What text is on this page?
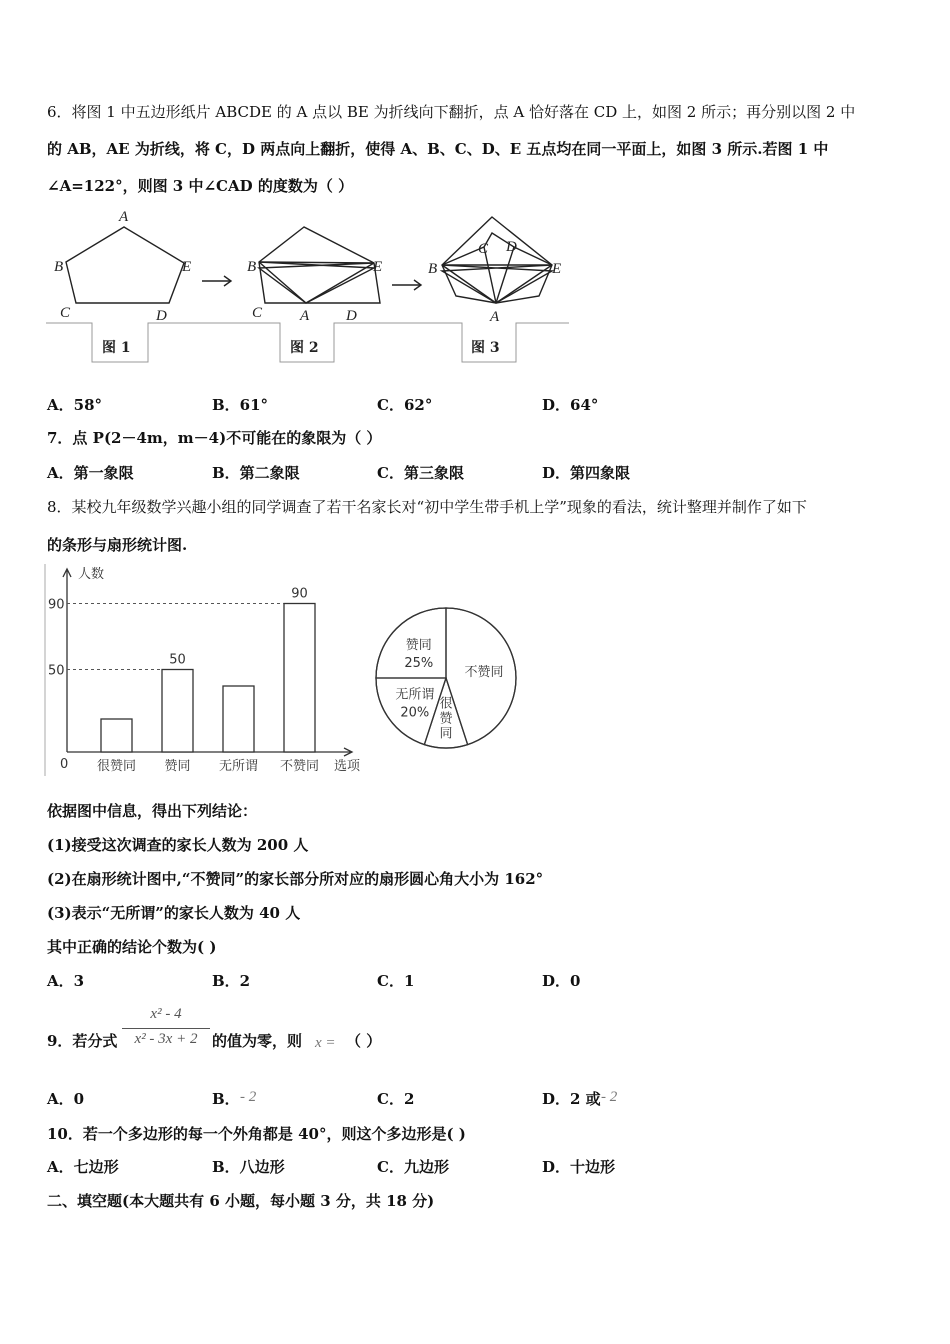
6．将图 1 中五边形纸片 ABCDE 的 A 点以 BE 为折线向下翻折，点 A 恰好落在 CD 上，如图 2 所示；再分别以图 2 中
的 AB，AE 为折线，将 C，D 两点向上翻折，使得 A、B、C、D、E 五点均在同一平面上，如图 3 所示.若图 1 中
∠A=122°，则图 3 中∠CAD 的度数为（ ）
A
B
C	D
E	B
C	A D
E	B
C D
A
E
图 1	图 2	图 3
A．58°	B．61°	C．62°	D．64°
7．点 P(2－4m，m－4)不可能在的象限为（ ）
A．第一象限	B．第二象限	C．第三象限	D．第四象限
8．某校九年级数学兴趣小组的同学调查了若干名家长对“初中学生带手机上学”现象的看法，统计整理并制作了如下
的条形与扇形统计图.
人数
选项
0
50
90
很赞同
50
赞同 无所谓
90
不赞同
不赞同
很
赞
同
无所谓
20%
赞同
25%
依据图中信息，得出下列结论：
(1)接受这次调查的家长人数为 200 人
(2)在扇形统计图中,“不赞同”的家长部分所对应的扇形圆心角大小为 162°
(3)表示“无所谓”的家长人数为 40 人
其中正确的结论个数为( )
A．3	B．2	C．1	D．0
9．若分式
x² - 4
x² - 3x + 2 的值为零，则 x = （ ）
A．0	B． - 2	C．2	D．2 或 - 2
10．若一个多边形的每一个外角都是 40°，则这个多边形是( )
A．七边形	B．八边形	C．九边形	D．十边形
二、填空题(本大题共有 6 小题，每小题 3 分，共 18 分)
